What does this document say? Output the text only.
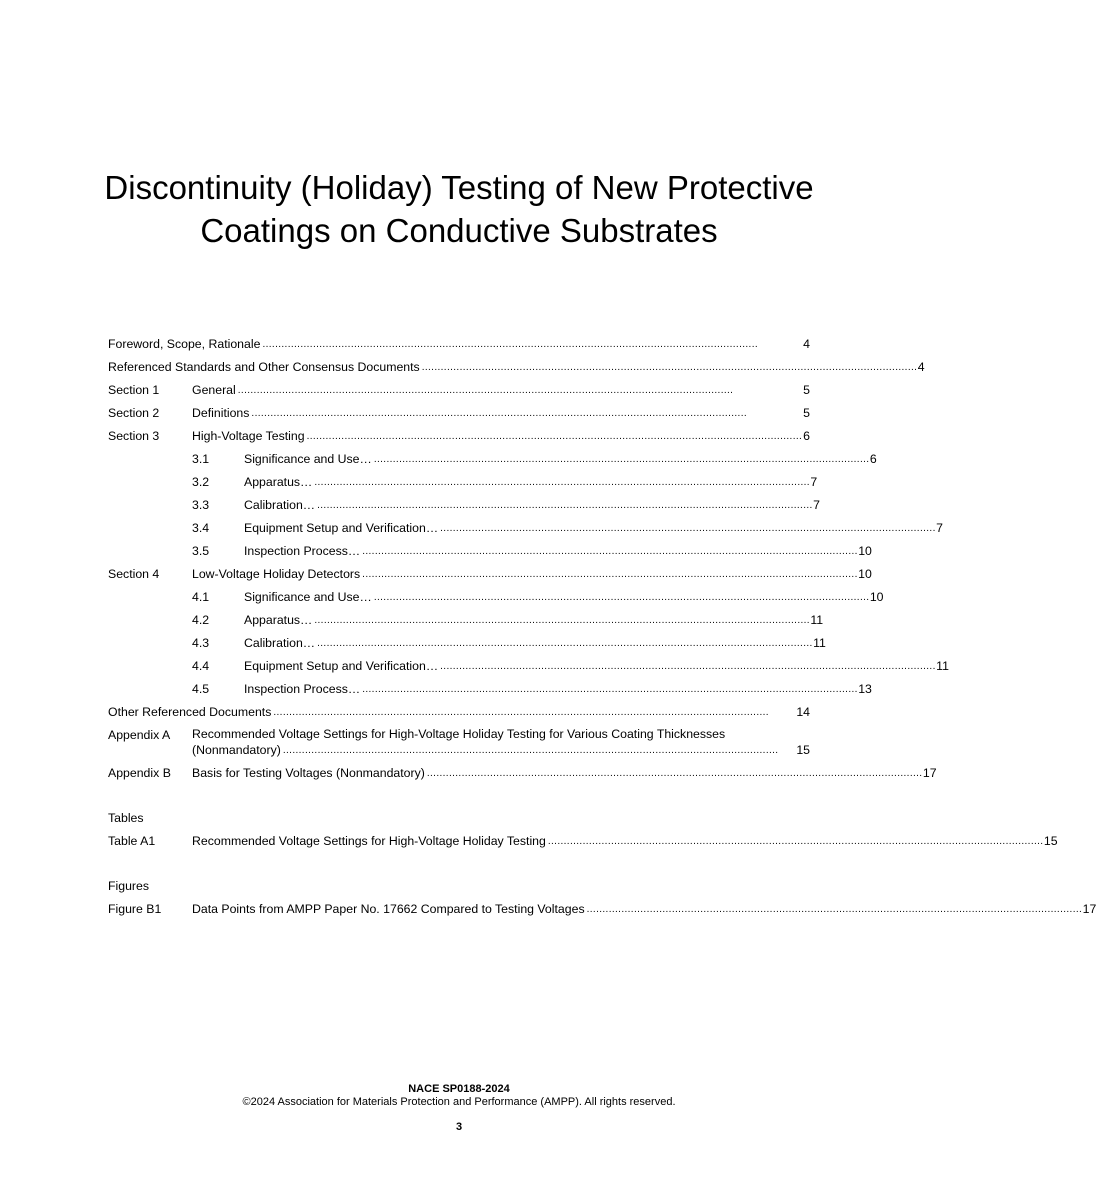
Discontinuity (Holiday) Testing of New Protective Coatings on Conductive Substrates
Foreword, Scope, Rationale . . .	4
Referenced Standards and Other Consensus Documents . . .	4
Section 1	General . . .	5
Section 2	Definitions . . .	5
Section 3	High-Voltage Testing . . .	6
3.1	Significance and Use… . . .	6
3.2	Apparatus… . . .	7
3.3	Calibration… . . .	7
3.4	Equipment Setup and Verification… . . .	7
3.5	Inspection Process… . . .	10
Section 4	Low-Voltage Holiday Detectors . . .	10
4.1	Significance and Use… . . .	10
4.2	Apparatus… . . .	11
4.3	Calibration… . . .	11
4.4	Equipment Setup and Verification… . . .	11
4.5	Inspection Process… . . .	13
Other Referenced Documents . . .	14
Appendix A	Recommended Voltage Settings for High-Voltage Holiday Testing for Various Coating Thicknesses
(Nonmandatory) . . .	15
Appendix B	Basis for Testing Voltages (Nonmandatory) . . .	17
Tables
Table A1	Recommended Voltage Settings for High-Voltage Holiday Testing . . .	15
Figures
Figure B1	Data Points from AMPP Paper No. 17662 Compared to Testing Voltages . . .	17
NACE SP0188-2024
©2024 Association for Materials Protection and Performance (AMPP). All rights reserved.
3
